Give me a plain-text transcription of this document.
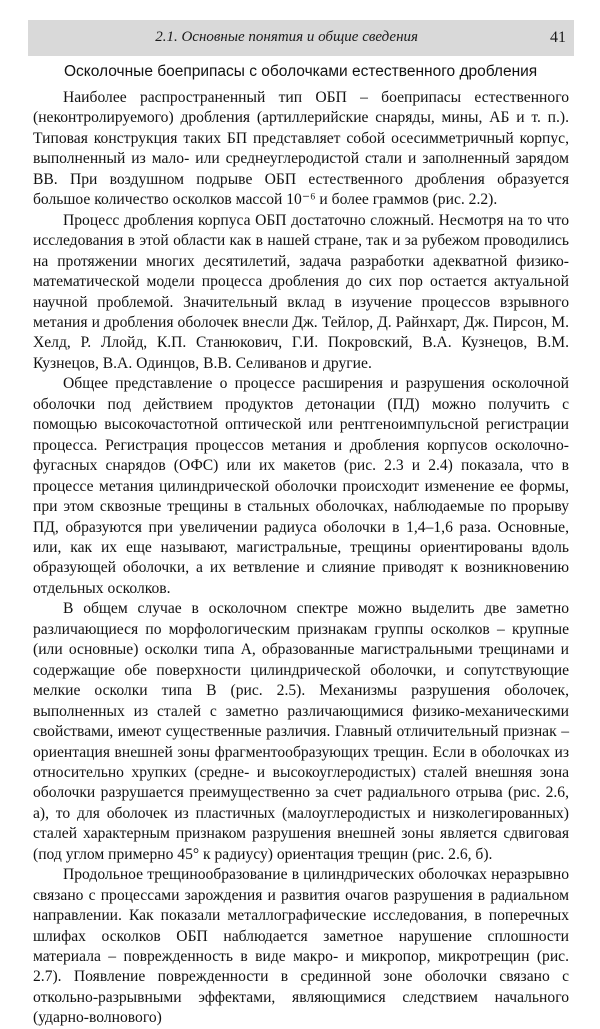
2.1. Основные понятия и общие сведения	41
Осколочные боеприпасы с оболочками естественного дробления

Наиболее распространенный тип ОБП – боеприпасы естественного (неконтролируемого) дробления (артиллерийские снаряды, мины, АБ и т. п.). Типовая конструкция таких БП представляет собой осесимметричный корпус, выполненный из мало- или среднеуглеродистой стали и заполненный зарядом ВВ. При воздушном подрыве ОБП естественного дробления образуется большое количество осколков массой 10⁻⁶ и более граммов (рис. 2.2).

Процесс дробления корпуса ОБП достаточно сложный. Несмотря на то что исследования в этой области как в нашей стране, так и за рубежом проводились на протяжении многих десятилетий, задача разработки адекватной физико-математической модели процесса дробления до сих пор остается актуальной научной проблемой. Значительный вклад в изучение процессов взрывного метания и дробления оболочек внесли Дж. Тейлор, Д. Райнхарт, Дж. Пирсон, М. Хелд, Р. Ллойд, К.П. Станюкович, Г.И. Покровский, В.А. Кузнецов, В.М. Кузнецов, В.А. Одинцов, В.В. Селиванов и другие.

Общее представление о процессе расширения и разрушения осколочной оболочки под действием продуктов детонации (ПД) можно получить с помощью высокочастотной оптической или рентгеноимпульсной регистрации процесса. Регистрация процессов метания и дробления корпусов осколочно-фугасных снарядов (ОФС) или их макетов (рис. 2.3 и 2.4) показала, что в процессе метания цилиндрической оболочки происходит изменение ее формы, при этом сквозные трещины в стальных оболочках, наблюдаемые по прорыву ПД, образуются при увеличении радиуса оболочки в 1,4–1,6 раза. Основные, или, как их еще называют, магистральные, трещины ориентированы вдоль образующей оболочки, а их ветвление и слияние приводят к возникновению отдельных осколков.

В общем случае в осколочном спектре можно выделить две заметно различающиеся по морфологическим признакам группы осколков – крупные (или основные) осколки типа А, образованные магистральными трещинами и содержащие обе поверхности цилиндрической оболочки, и сопутствующие мелкие осколки типа В (рис. 2.5). Механизмы разрушения оболочек, выполненных из сталей с заметно различающимися физико-механическими свойствами, имеют существенные различия. Главный отличительный признак – ориентация внешней зоны фрагментообразующих трещин. Если в оболочках из относительно хрупких (средне- и высокоуглеродистых) сталей внешняя зона оболочки разрушается преимущественно за счет радиального отрыва (рис. 2.6, а), то для оболочек из пластичных (малоуглеродистых и низколегированных) сталей характерным признаком разрушения внешней зоны является сдвиговая (под углом примерно 45° к радиусу) ориентация трещин (рис. 2.6, б).

Продольное трещинообразование в цилиндрических оболочках неразрывно связано с процессами зарождения и развития очагов разрушения в радиальном направлении. Как показали металлографические исследования, в поперечных шлифах осколков ОБП наблюдается заметное нарушение сплошности материала – поврежденность в виде макро- и микропор, микротрещин (рис. 2.7). Появление поврежденности в срединной зоне оболочки связано с откольно-разрывными эффектами, являющимися следствием начального (ударно-волнового)
